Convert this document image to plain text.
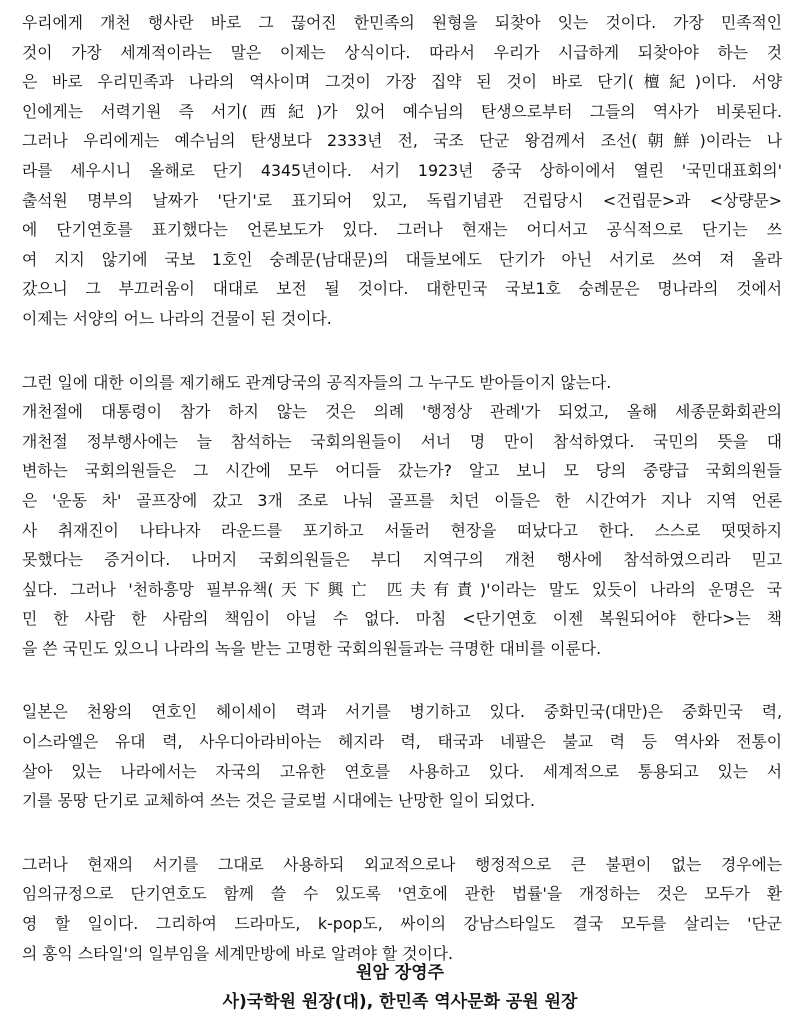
우리에게 개천 행사란 바로 그 끊어진 한민족의 원형을 되찾아 잇는 것이다. 가장 민족적인
것이 가장 세계적이라는 말은 이제는 상식이다. 따라서 우리가 시급하게 되찾아야 하는 것
은 바로 우리민족과 나라의 역사이며 그것이 가장 집약 된 것이 바로 단기(檀紀)이다. 서양
인에게는 서력기원 즉 서기(西紀)가 있어 예수님의 탄생으로부터 그들의 역사가 비롯된다.
그러나 우리에게는 예수님의 탄생보다 2333년 전, 국조 단군 왕검께서 조선(朝鮮)이라는 나
라를 세우시니 올해로 단기 4345년이다. 서기 1923년 중국 상하이에서 열린 '국민대표회의'
출석원 명부의 날짜가 '단기'로 표기되어 있고, 독립기념관 건립당시 <건립문>과 <상량문>
에 단기연호를 표기했다는 언론보도가 있다. 그러나 현재는 어디서고 공식적으로 단기는 쓰
여 지지 않기에 국보 1호인 숭례문(남대문)의 대들보에도 단기가 아닌 서기로 쓰여 져 올라
갔으니 그 부끄러움이 대대로 보전 될 것이다. 대한민국 국보1호 숭례문은 명나라의 것에서
이제는 서양의 어느 나라의 건물이 된 것이다.
그런 일에 대한 이의를 제기해도 관계당국의 공직자들의 그 누구도 받아들이지 않는다.
개천절에 대통령이 참가 하지 않는 것은 의례 '행정상 관례'가 되었고, 올해 세종문화회관의
개천절 정부행사에는 늘 참석하는 국회의원들이 서너 명 만이 참석하였다. 국민의 뜻을 대
변하는 국회의원들은 그 시간에 모두 어디들 갔는가? 알고 보니 모 당의 중량급 국회의원들
은 '운동 차' 골프장에 갔고 3개 조로 나눠 골프를 치던 이들은 한 시간여가 지나 지역 언론
사 취재진이 나타나자 라운드를 포기하고 서둘러 현장을 떠났다고 한다. 스스로 떳떳하지
못했다는 증거이다. 나머지 국회의원들은 부디 지역구의 개천 행사에 참석하였으리라 믿고
싶다. 그러나 '천하흥망 필부유책(天下興亡 匹夫有責)'이라는 말도 있듯이 나라의 운명은 국
민 한 사람 한 사람의 책임이 아닐 수 없다. 마침 <단기연호 이젠 복원되어야 한다>는 책
을 쓴 국민도 있으니 나라의 녹을 받는 고명한 국회의원들과는 극명한 대비를 이룬다.
일본은 천왕의 연호인 헤이세이 력과 서기를 병기하고 있다. 중화민국(대만)은 중화민국 력,
이스라엘은 유대 력, 사우디아라비아는 헤지라 력, 태국과 네팔은 불교 력 등 역사와 전통이
살아 있는 나라에서는 자국의 고유한 연호를 사용하고 있다. 세계적으로 통용되고 있는 서
기를 몽땅 단기로 교체하여 쓰는 것은 글로벌 시대에는 난망한 일이 되었다.
그러나 현재의 서기를 그대로 사용하되 외교적으로나 행정적으로 큰 불편이 없는 경우에는
임의규정으로 단기연호도 함께 쓸 수 있도록 '연호에 관한 법률'을 개정하는 것은 모두가 환
영 할 일이다. 그리하여 드라마도, k-pop도, 싸이의 강남스타일도 결국 모두를 살리는 '단군
의 홍익 스타일'의 일부임을 세계만방에 바로 알려야 할 것이다.
원암 장영주
사)국학원 원장(대), 한민족 역사문화 공원 원장
